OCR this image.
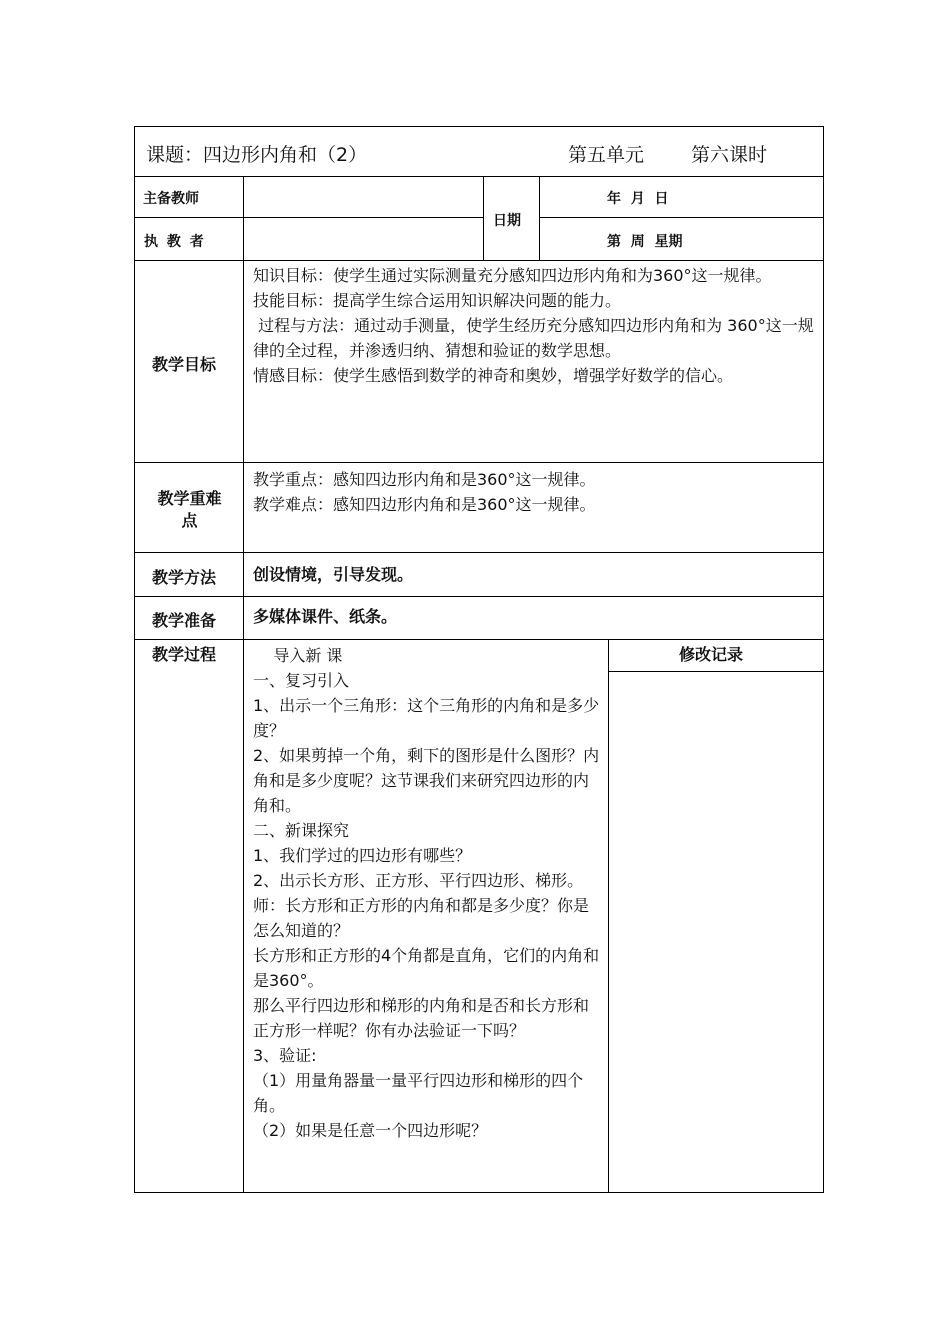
课题：四边形内角和（2）	第五单元 第六课时
主备教师
执 教 者
日期
年  月  日
第  周  星期
教学目标

知识目标：使学生通过实际测量充分感知四边形内角和为360°这一规律。

技能目标：提高学生综合运用知识解决问题的能力。

过程与方法：通过动手测量，使学生经历充分感知四边形内角和为 360°这一规律的全过程，并渗透归纳、猜想和验证的数学思想。

情感目标：使学生感悟到数学的神奇和奥妙，增强学好数学的信心。

教学重难点

教学重点：感知四边形内角和是360°这一规律。

教学难点：感知四边形内角和是360°这一规律。

教学方法 创设情境，引导发现。
教学准备 多媒体课件、纸条。
教学过程	修改记录

导入新 课

一、复习引入

1、出示一个三角形：这个三角形的内角和是多少度？

2、如果剪掉一个角，剩下的图形是什么图形？内角和是多少度呢？这节课我们来研究四边形的内角和。

二、新课探究

1、我们学过的四边形有哪些？

2、出示长方形、正方形、平行四边形、梯形。

师：长方形和正方形的内角和都是多少度？你是怎么知道的？

长方形和正方形的4个角都是直角，它们的内角和是360°。

那么平行四边形和梯形的内角和是否和长方形和正方形一样呢？你有办法验证一下吗？

3、验证:

（1）用量角器量一量平行四边形和梯形的四个角。

（2）如果是任意一个四边形呢？
